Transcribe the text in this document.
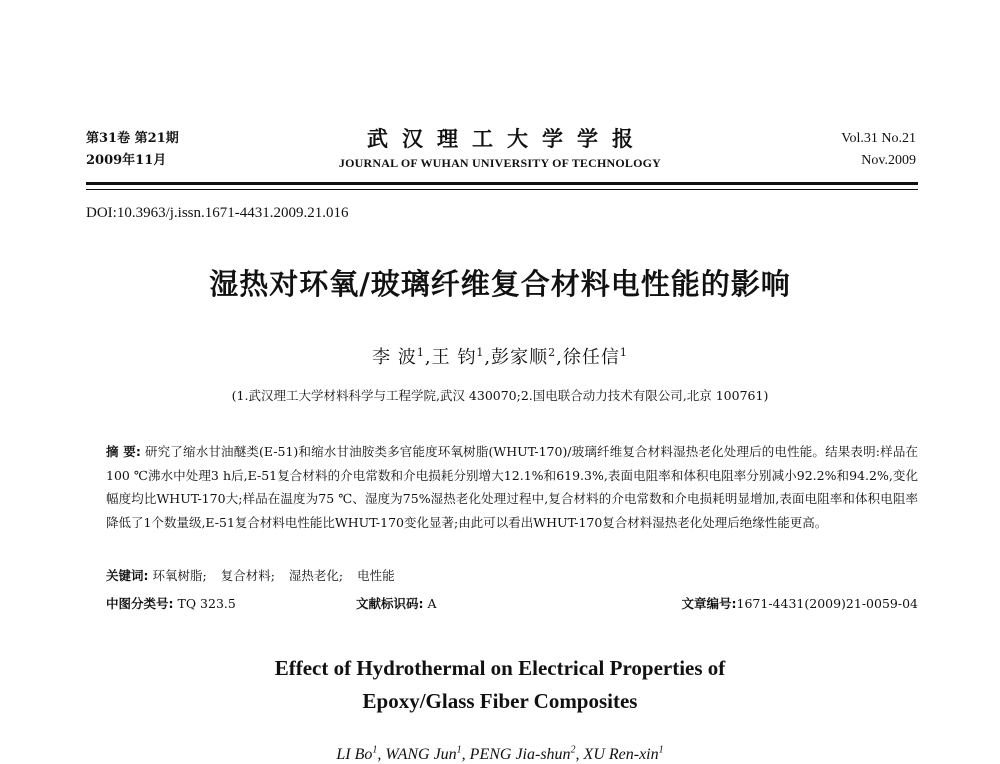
第31卷 第21期
2009年11月
武汉理工大学学报
JOURNAL OF WUHAN UNIVERSITY OF TECHNOLOGY
Vol.31 No.21
Nov.2009
DOI:10.3963/j.issn.1671-4431.2009.21.016
湿热对环氧/玻璃纤维复合材料电性能的影响
李 波$^1$,王 钧$^1$,彭家顺$^2$,徐任信$^1$
(1.武汉理工大学材料科学与工程学院,武汉 430070;2.国电联合动力技术有限公司,北京 100761)
摘 要: 研究了缩水甘油醚类(E-51)和缩水甘油胺类多官能度环氧树脂(WHUT-170)/玻璃纤维复合材料湿热老化处理后的电性能。结果表明:样品在100 ℃沸水中处理3 h后,E-51复合材料的介电常数和介电损耗分别增大12.1%和619.3%,表面电阻率和体积电阻率分别减小92.2%和94.2%,变化幅度均比WHUT-170大;样品在温度为75 ℃、湿度为75%湿热老化处理过程中,复合材料的介电常数和介电损耗明显增加,表面电阻率和体积电阻率降低了1个数量级,E-51复合材料电性能比WHUT-170变化显著;由此可以看出WHUT-170复合材料湿热老化处理后绝缘性能更高。
关键词: 环氧树脂; 复合材料; 湿热老化; 电性能
中图分类号: TQ 323.5	文献标识码: A	文章编号:1671-4431(2009)21-0059-04
Effect of Hydrothermal on Electrical Properties of
Epoxy/Glass Fiber Composites
LI Bo$^1$, WANG Jun$^1$, PENG Jia-shun$^2$, XU Ren-xin$^1$
